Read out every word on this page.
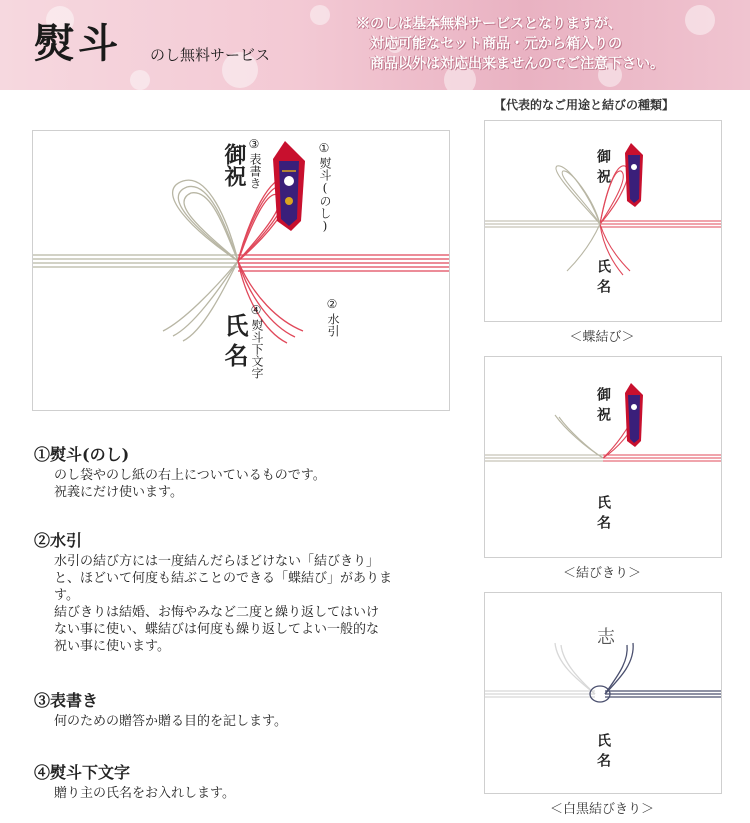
熨斗 のし無料サービス
※のしは基本無料サービスとなりますが、
対応可能なセット商品・元から箱入りの
商品以外は対応出来ませんのでご注意下さい。
③
表書き
御祝	①
熨斗(のし)
②
水引
④
熨斗下文字
氏名
【代表的なご用途と結びの種類】
御祝
氏名
＜蝶結び＞
御祝
氏名
＜結びきり＞
志
氏名
＜白黒結びきり＞
①熨斗(のし)

のし袋やのし紙の右上についているものです。
祝義にだけ使います。

②水引

水引の結び方には一度結んだらほどけない「結びきり」
と、ほどいて何度も結ぶことのできる「蝶結び」がありま
す。
結びきりは結婚、お悔やみなど二度と繰り返してはいけ
ない事に使い、蝶結びは何度も繰り返してよい一般的な
祝い事に使います。

③表書き

何のための贈答か贈る目的を記します。

④熨斗下文字

贈り主の氏名をお入れします。
